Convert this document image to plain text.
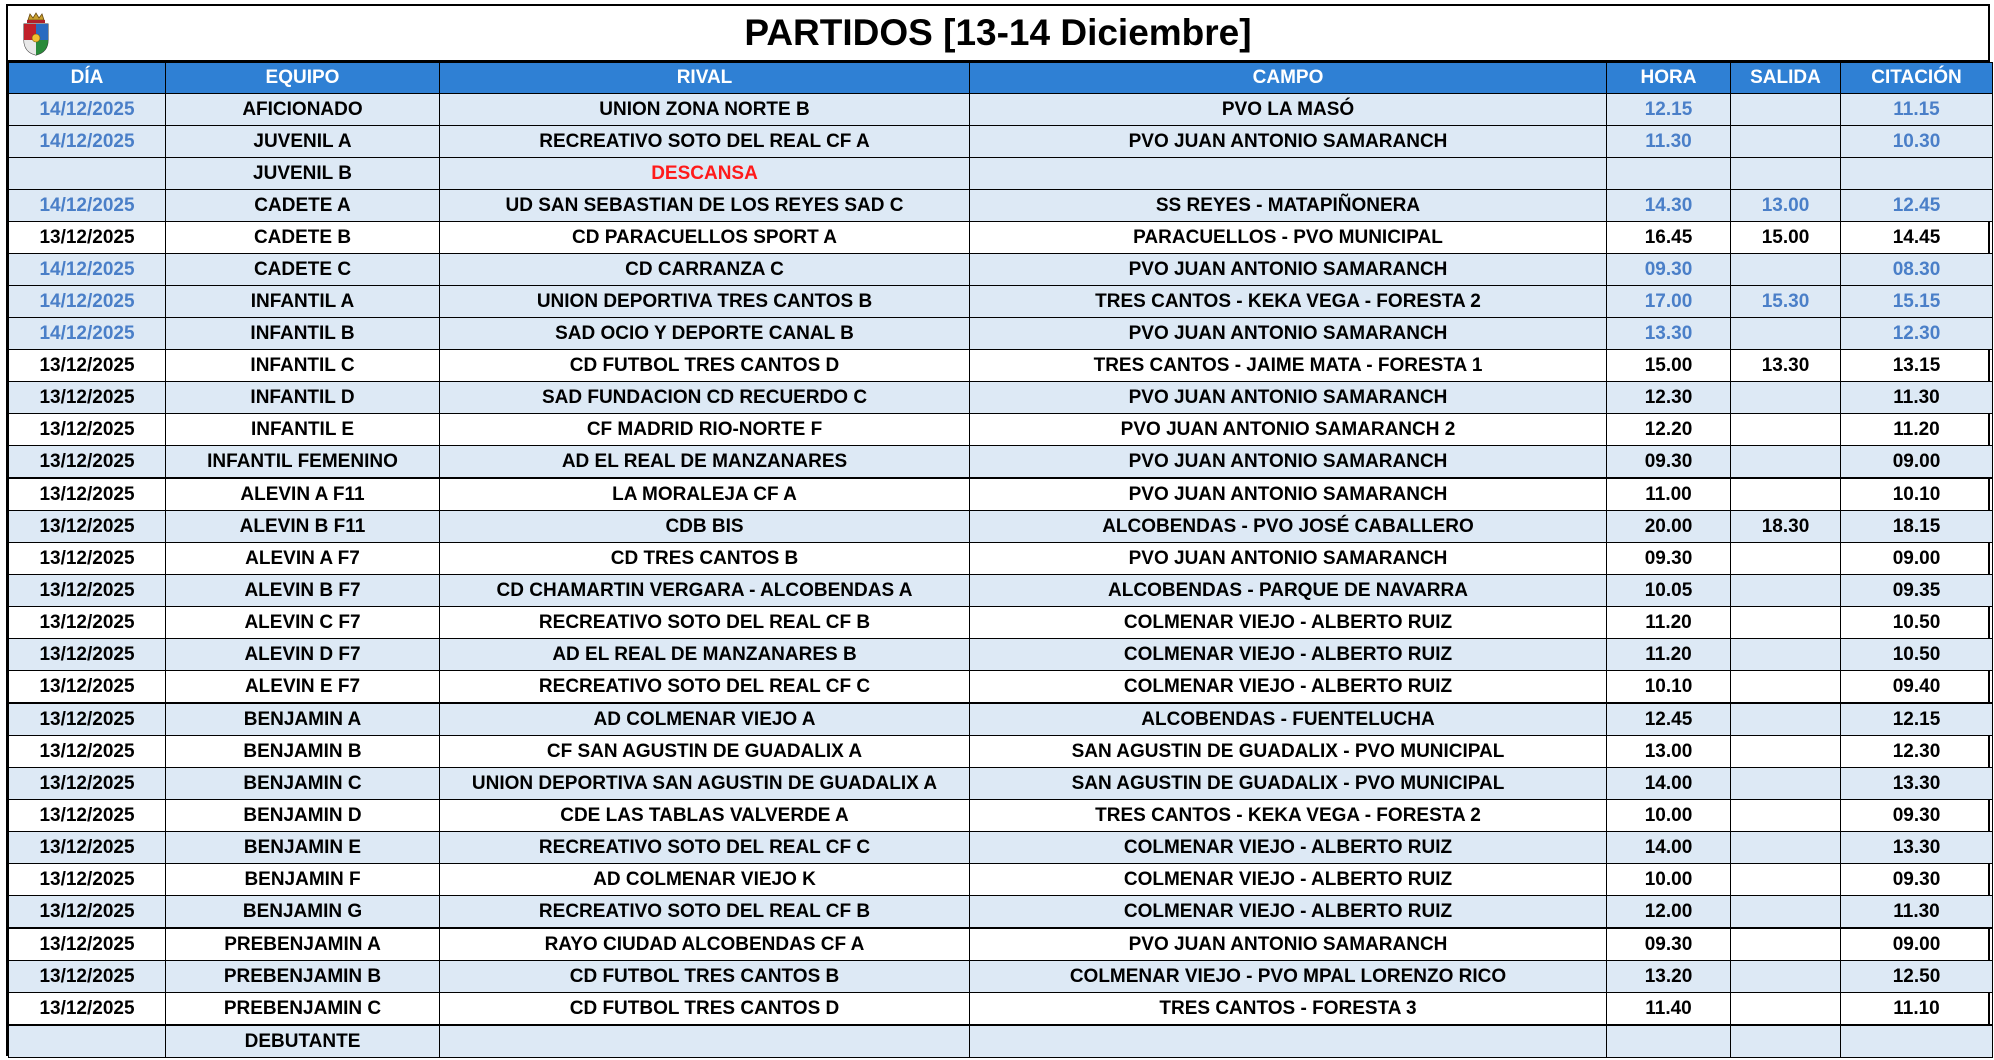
PARTIDOS [13-14 Diciembre]
DÍA	EQUIPO	RIVAL	CAMPO	HORA	SALIDA	CITACIÓN
14/12/2025	AFICIONADO	UNION ZONA NORTE B	PVO LA MASÓ	12.15		11.15
14/12/2025	JUVENIL A	RECREATIVO SOTO DEL REAL CF A	PVO JUAN ANTONIO SAMARANCH	11.30		10.30
	JUVENIL B	DESCANSA				
14/12/2025	CADETE A	UD SAN SEBASTIAN DE LOS REYES SAD C	SS REYES - MATAPIÑONERA	14.30	13.00	12.45
13/12/2025	CADETE B	CD PARACUELLOS SPORT A	PARACUELLOS - PVO MUNICIPAL	16.45	15.00	14.45
14/12/2025	CADETE C	CD CARRANZA C	PVO JUAN ANTONIO SAMARANCH	09.30		08.30
14/12/2025	INFANTIL A	UNION DEPORTIVA TRES CANTOS B	TRES CANTOS - KEKA VEGA - FORESTA 2	17.00	15.30	15.15
14/12/2025	INFANTIL B	SAD OCIO Y DEPORTE CANAL B	PVO JUAN ANTONIO SAMARANCH	13.30		12.30
13/12/2025	INFANTIL C	CD FUTBOL TRES CANTOS D	TRES CANTOS - JAIME MATA - FORESTA 1	15.00	13.30	13.15
13/12/2025	INFANTIL D	SAD FUNDACION CD RECUERDO C	PVO JUAN ANTONIO SAMARANCH	12.30		11.30
13/12/2025	INFANTIL E	CF MADRID RIO-NORTE F	PVO JUAN ANTONIO SAMARANCH 2	12.20		11.20
13/12/2025	INFANTIL FEMENINO	AD EL REAL DE MANZANARES	PVO JUAN ANTONIO SAMARANCH	09.30		09.00
13/12/2025	ALEVIN A F11	LA MORALEJA CF A	PVO JUAN ANTONIO SAMARANCH	11.00		10.10
13/12/2025	ALEVIN B F11	CDB BIS	ALCOBENDAS - PVO JOSÉ CABALLERO	20.00	18.30	18.15
13/12/2025	ALEVIN A F7	CD TRES CANTOS B	PVO JUAN ANTONIO SAMARANCH	09.30		09.00
13/12/2025	ALEVIN B F7	CD CHAMARTIN VERGARA - ALCOBENDAS A	ALCOBENDAS - PARQUE DE NAVARRA	10.05		09.35
13/12/2025	ALEVIN C F7	RECREATIVO SOTO DEL REAL CF B	COLMENAR VIEJO - ALBERTO RUIZ	11.20		10.50
13/12/2025	ALEVIN D F7	AD EL REAL DE MANZANARES B	COLMENAR VIEJO - ALBERTO RUIZ	11.20		10.50
13/12/2025	ALEVIN E F7	RECREATIVO SOTO DEL REAL CF C	COLMENAR VIEJO - ALBERTO RUIZ	10.10		09.40
13/12/2025	BENJAMIN A	AD COLMENAR VIEJO A	ALCOBENDAS - FUENTELUCHA	12.45		12.15
13/12/2025	BENJAMIN B	CF SAN AGUSTIN DE GUADALIX A	SAN AGUSTIN DE GUADALIX - PVO MUNICIPAL	13.00		12.30
13/12/2025	BENJAMIN C	UNION DEPORTIVA SAN AGUSTIN DE GUADALIX A	SAN AGUSTIN DE GUADALIX - PVO MUNICIPAL	14.00		13.30
13/12/2025	BENJAMIN D	CDE LAS TABLAS VALVERDE A	TRES CANTOS - KEKA VEGA - FORESTA 2	10.00		09.30
13/12/2025	BENJAMIN E	RECREATIVO SOTO DEL REAL CF C	COLMENAR VIEJO - ALBERTO RUIZ	14.00		13.30
13/12/2025	BENJAMIN F	AD COLMENAR VIEJO K	COLMENAR VIEJO - ALBERTO RUIZ	10.00		09.30
13/12/2025	BENJAMIN G	RECREATIVO SOTO DEL REAL CF B	COLMENAR VIEJO - ALBERTO RUIZ	12.00		11.30
13/12/2025	PREBENJAMIN A	RAYO CIUDAD ALCOBENDAS CF A	PVO JUAN ANTONIO SAMARANCH	09.30		09.00
13/12/2025	PREBENJAMIN B	CD FUTBOL TRES CANTOS B	COLMENAR VIEJO - PVO MPAL LORENZO RICO	13.20		12.50
13/12/2025	PREBENJAMIN C	CD FUTBOL TRES CANTOS D	TRES CANTOS - FORESTA 3	11.40		11.10
	DEBUTANTE					
